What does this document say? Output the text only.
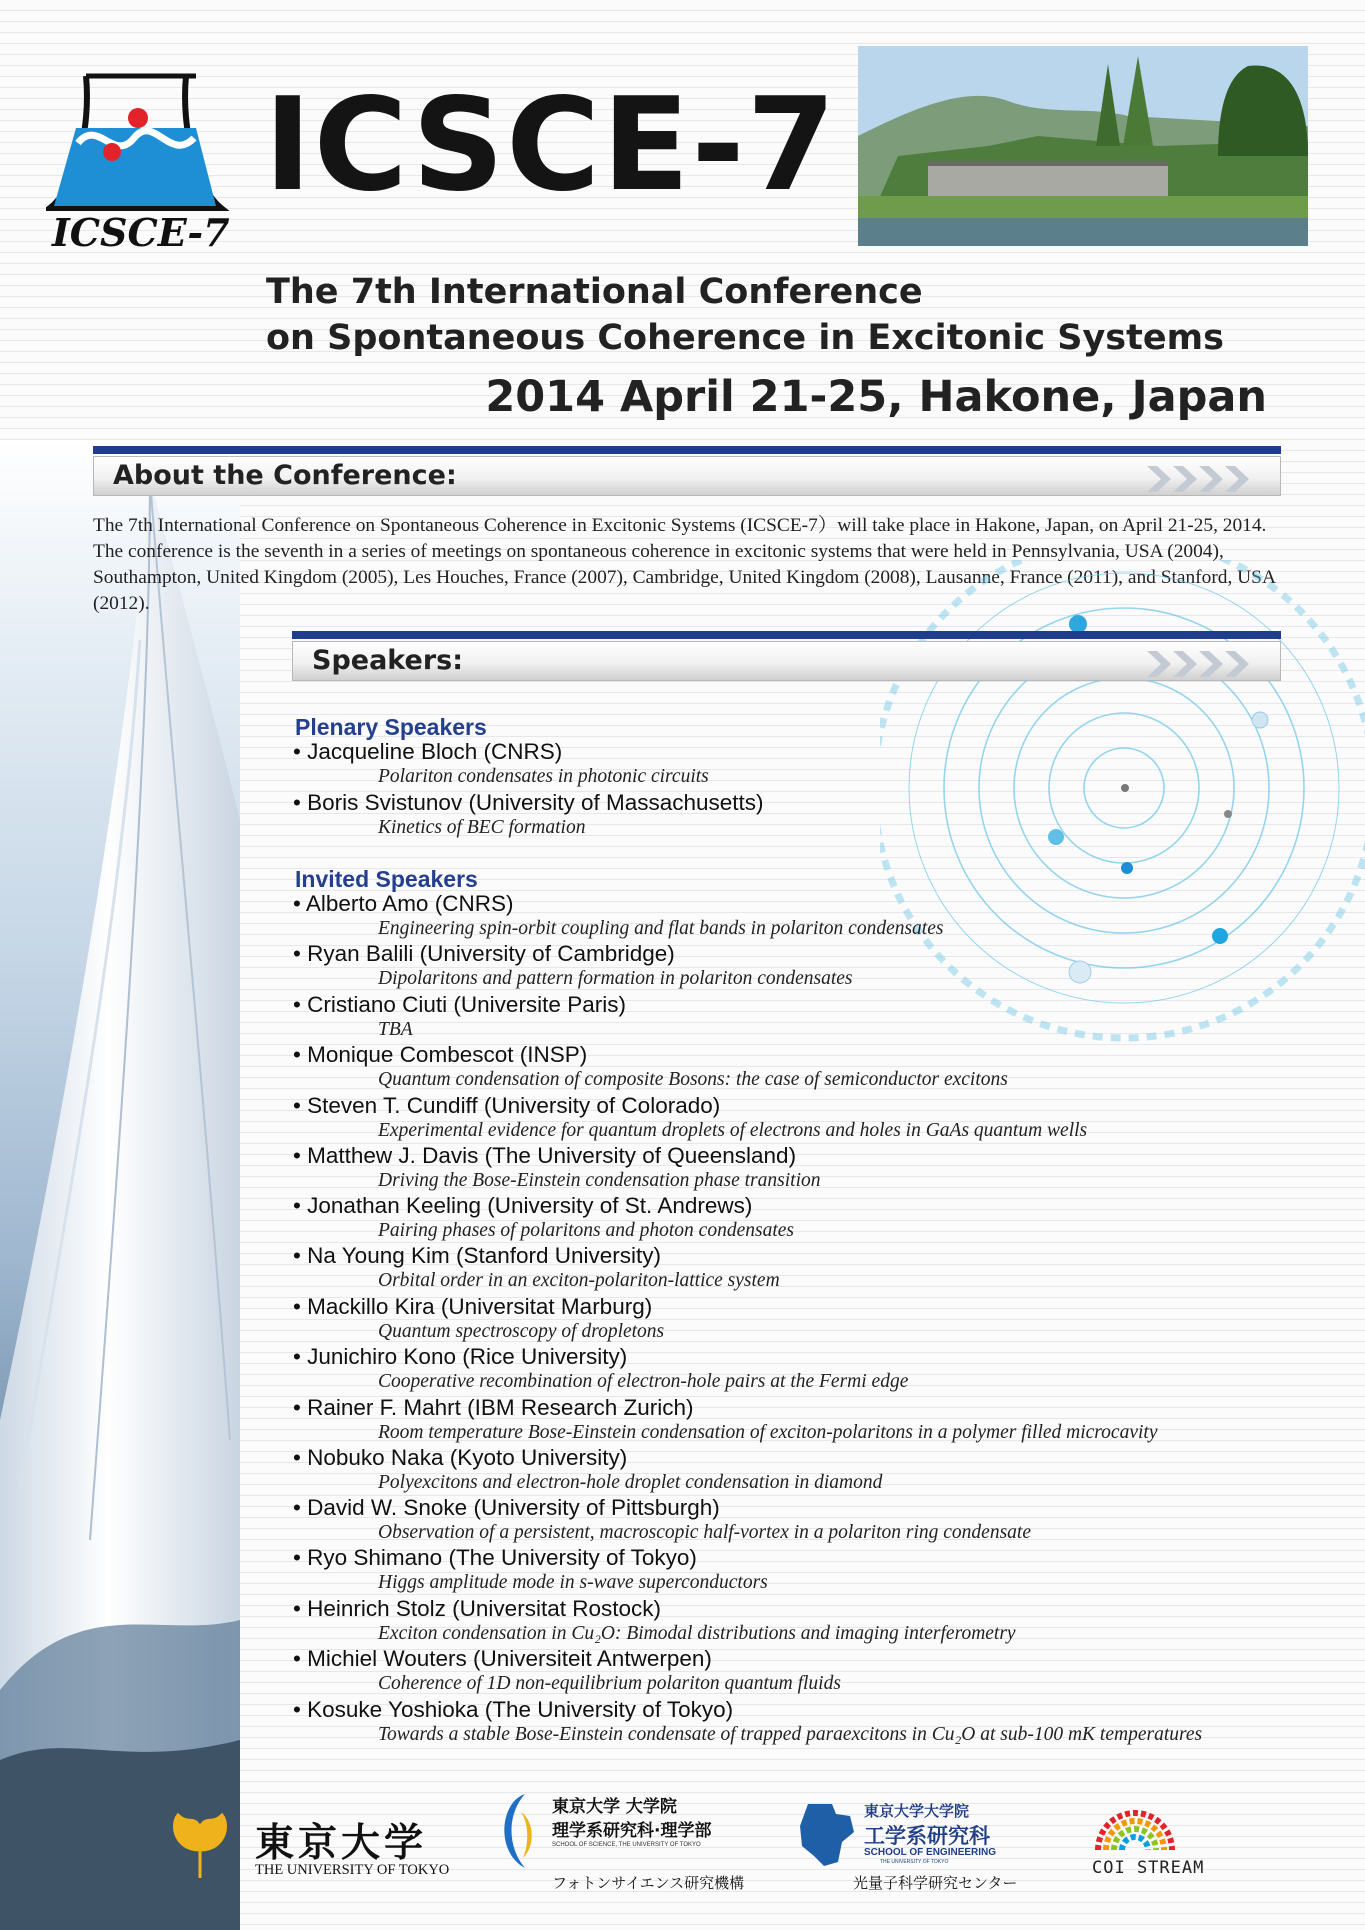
ICSCE-7
ICSCE-7
The 7th International Conference
on Spontaneous Coherence in Excitonic Systems
2014 April 21-25, Hakone, Japan
About the Conference:
The 7th International Conference on Spontaneous Coherence in Excitonic Systems (ICSCE-7）will take place in Hakone, Japan, on April 21-25, 2014. The conference is the seventh in a series of meetings on spontaneous coherence in excitonic systems that were held in Pennsylvania, USA (2004), Southampton, United Kingdom (2005), Les Houches, France (2007), Cambridge, United Kingdom (2008), Lausanne, France (2011), and Stanford, USA (2012).
Speakers:
Plenary Speakers
• Jacqueline Bloch (CNRS)
Polariton condensates in photonic circuits
• Boris Svistunov (University of Massachusetts)
Kinetics of BEC formation
Invited Speakers
• Alberto Amo (CNRS)
Engineering spin-orbit coupling and flat bands in polariton condensates
• Ryan Balili (University of Cambridge)
Dipolaritons and pattern formation in polariton condensates
• Cristiano Ciuti (Universite Paris)
TBA
• Monique Combescot (INSP)
Quantum condensation of composite Bosons: the case of semiconductor excitons
• Steven T. Cundiff (University of Colorado)
Experimental evidence for quantum droplets of electrons and holes in GaAs quantum wells
• Matthew J. Davis (The University of Queensland)
Driving the Bose-Einstein condensation phase transition
• Jonathan Keeling (University of St. Andrews)
Pairing phases of polaritons and photon condensates
• Na Young Kim (Stanford University)
Orbital order in an exciton-polariton-lattice system
• Mackillo Kira (Universitat Marburg)
Quantum spectroscopy of dropletons
• Junichiro Kono (Rice University)
Cooperative recombination of electron-hole pairs at the Fermi edge
• Rainer F. Mahrt (IBM Research Zurich)
Room temperature Bose-Einstein condensation of exciton-polaritons in a polymer filled microcavity
• Nobuko Naka (Kyoto University)
Polyexcitons and electron-hole droplet condensation in diamond
• David W. Snoke (University of Pittsburgh)
Observation of a persistent, macroscopic half-vortex in a polariton ring condensate
• Ryo Shimano (The University of Tokyo)
Higgs amplitude mode in s-wave superconductors
• Heinrich Stolz (Universitat Rostock)
Exciton condensation in Cu₂O: Bimodal distributions and imaging interferometry
• Michiel Wouters (Universiteit Antwerpen)
Coherence of 1D non-equilibrium polariton quantum fluids
• Kosuke Yoshioka (The University of Tokyo)
Towards a stable Bose-Einstein condensate of trapped paraexcitons in Cu₂O at sub-100 mK temperatures
東京大学
THE UNIVERSITY OF TOKYO
東京大学 大学院
理学系研究科·理学部
SCHOOL OF SCIENCE, THE UNIVERSITY OF TOKYO
フォトンサイエンス研究機構
東京大学大学院
工学系研究科
SCHOOL OF ENGINEERING
THE UNIVERSITY OF TOKYO
光量子科学研究センター
COI STREAM
